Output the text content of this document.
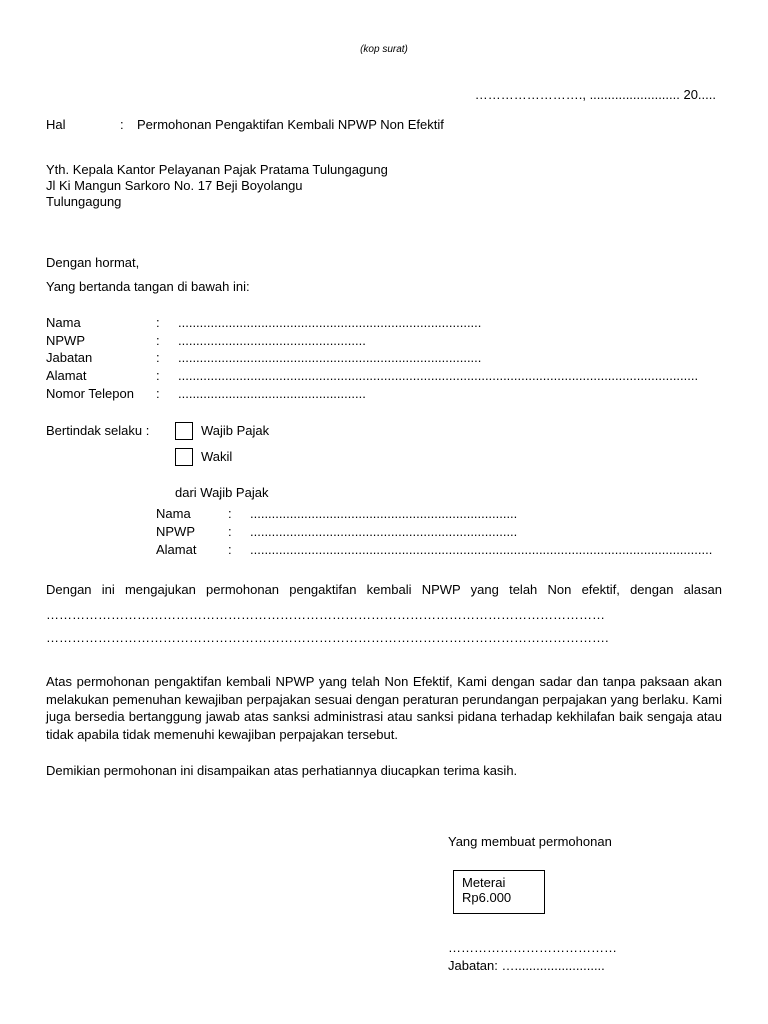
(kop surat)
……………………., ......................... 20.....
Hal	: Permohonan Pengaktifan Kembali NPWP Non Efektif
Yth. Kepala Kantor Pelayanan Pajak Pratama Tulungagung
Jl Ki Mangun Sarkoro No. 17 Beji Boyolangu
Tulungagung
Dengan hormat,
Yang bertanda tangan di bawah ini:
Nama	: ....................................................................................
NPWP	: ....................................................
Jabatan	: ....................................................................................
Alamat	: ................................................................................................................................................
Nomor Telepon : ....................................................
Bertindak selaku :	Wajib Pajak
Wakil
dari Wajib Pajak
Nama	: ..........................................................................
NPWP	: ..........................................................................
Alamat : ................................................................................................................................
Dengan ini mengajukan permohonan pengaktifan kembali NPWP yang telah Non efektif, dengan alasan
…………………………………………………………………………………………………………………
………………………………………………………………………………………………………………….
Atas permohonan pengaktifan kembali NPWP yang telah Non Efektif, Kami dengan sadar dan tanpa paksaan akan melakukan pemenuhan kewajiban perpajakan sesuai dengan peraturan perundangan perpajakan yang berlaku. Kami juga bersedia bertanggung jawab atas sanksi administrasi atau sanksi pidana terhadap kekhilafan baik sengaja atau tidak apabila tidak memenuhi kewajiban perpajakan tersebut.
Demikian permohonan ini disampaikan atas perhatiannya diucapkan terima kasih.
Yang membuat permohonan
Meterai
Rp6.000
…………………………………
Jabatan: ….........................
